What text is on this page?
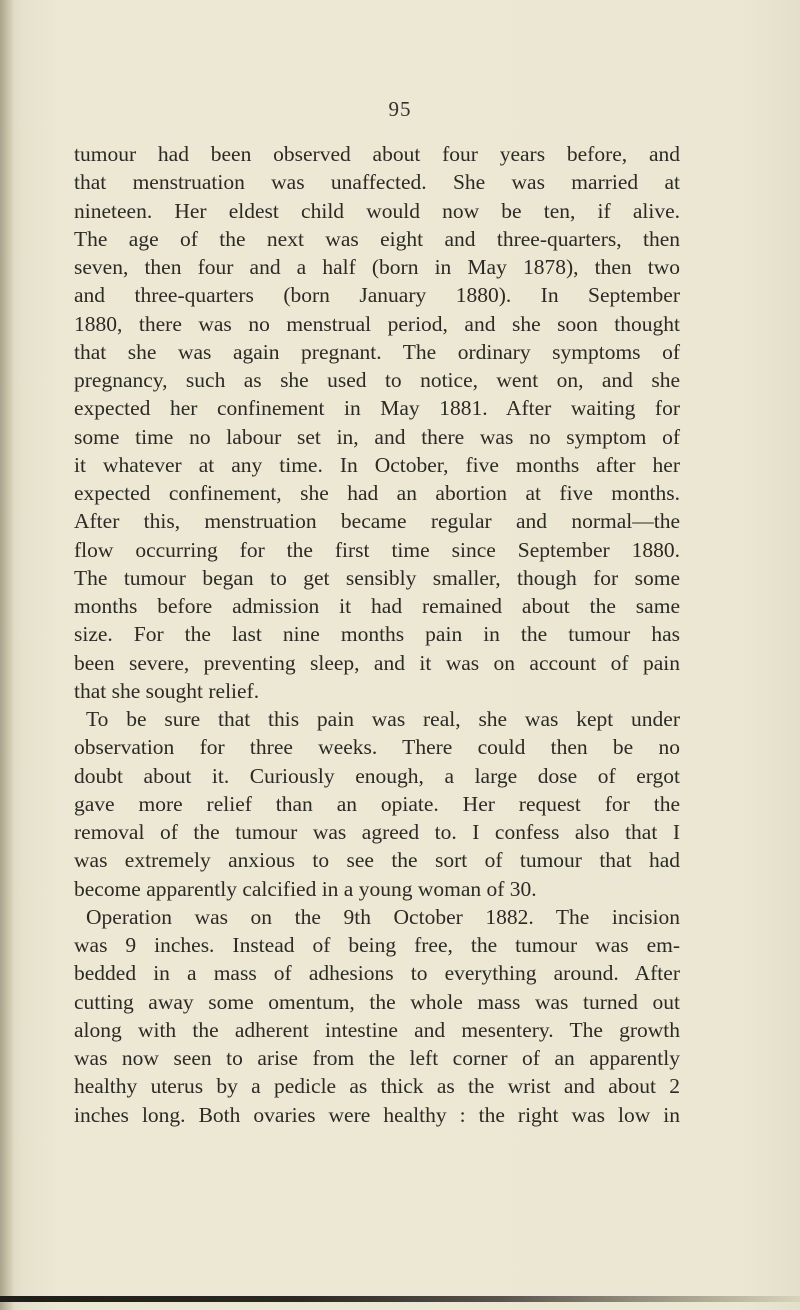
95
tumour had been observed about four years before, and
that menstruation was unaffected. She was married at
nineteen. Her eldest child would now be ten, if alive.
The age of the next was eight and three-quarters, then
seven, then four and a half (born in May 1878), then two
and three-quarters (born January 1880). In September
1880, there was no menstrual period, and she soon thought
that she was again pregnant. The ordinary symptoms of
pregnancy, such as she used to notice, went on, and she
expected her confinement in May 1881. After waiting for
some time no labour set in, and there was no symptom of
it whatever at any time. In October, five months after her
expected confinement, she had an abortion at five months.
After this, menstruation became regular and normal—the
flow occurring for the first time since September 1880.
The tumour began to get sensibly smaller, though for some
months before admission it had remained about the same
size. For the last nine months pain in the tumour has
been severe, preventing sleep, and it was on account of pain
that she sought relief.
To be sure that this pain was real, she was kept under
observation for three weeks. There could then be no
doubt about it. Curiously enough, a large dose of ergot
gave more relief than an opiate. Her request for the
removal of the tumour was agreed to. I confess also that I
was extremely anxious to see the sort of tumour that had
become apparently calcified in a young woman of 30.
Operation was on the 9th October 1882. The incision
was 9 inches. Instead of being free, the tumour was em-
bedded in a mass of adhesions to everything around. After
cutting away some omentum, the whole mass was turned out
along with the adherent intestine and mesentery. The growth
was now seen to arise from the left corner of an apparently
healthy uterus by a pedicle as thick as the wrist and about 2
inches long. Both ovaries were healthy : the right was low in
